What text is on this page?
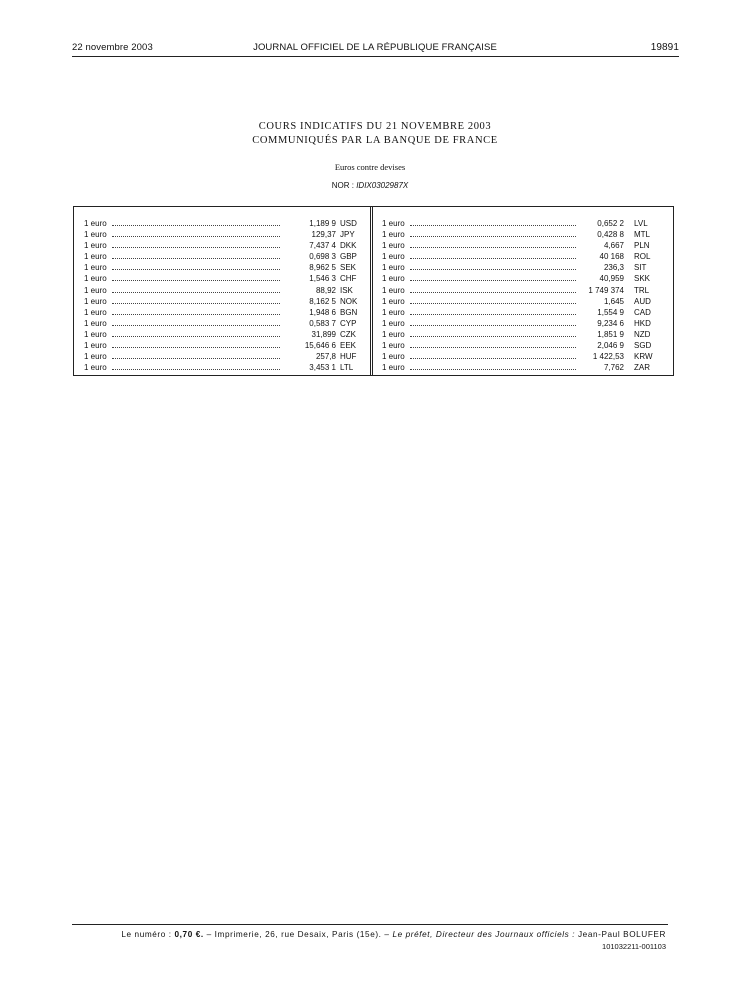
22 novembre 2003	JOURNAL OFFICIEL DE LA RÉPUBLIQUE FRANÇAISE	19891
COURS INDICATIFS DU 21 NOVEMBRE 2003
COMMUNIQUÉS PAR LA BANQUE DE FRANCE
Euros contre devises
NOR : IDIX0302987X
1 euro	1,189 9 USD
1 euro	129,37 JPY
1 euro	7,437 4 DKK
1 euro	0,698 3 GBP
1 euro	8,962 5 SEK
1 euro	1,546 3 CHF
1 euro	88,92 ISK
1 euro	8,162 5 NOK
1 euro	1,948 6 BGN
1 euro	0,583 7 CYP
1 euro	31,899 CZK
1 euro	15,646 6 EEK
1 euro	257,8 HUF
1 euro	3,453 1 LTL
1 euro	0,652 2 LVL
1 euro	0,428 8 MTL
1 euro	4,667 PLN
1 euro	40 168 ROL
1 euro	236,3 SIT
1 euro	40,959 SKK
1 euro	1 749 374 TRL
1 euro	1,645 AUD
1 euro	1,554 9 CAD
1 euro	9,234 6 HKD
1 euro	1,851 9 NZD
1 euro	2,046 9 SGD
1 euro	1 422,53 KRW
1 euro	7,762 ZAR
Le numéro : 0,70 €. – Imprimerie, 26, rue Desaix, Paris (15e). – Le préfet, Directeur des Journaux officiels : Jean-Paul BOLUFER
101032211-001103
